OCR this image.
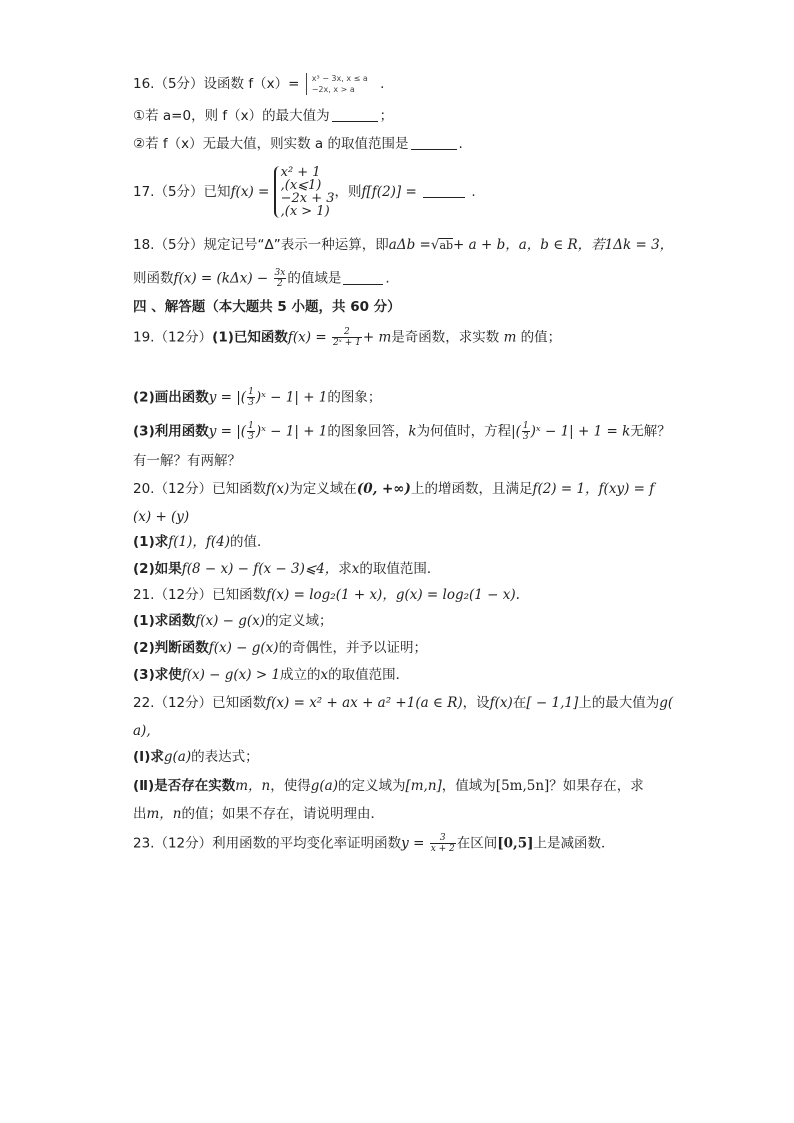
16.（5分）设函数 f（x）= x³ − 3x, x ≤ a
−2x, x > a	.
①若 a=0，则 f（x）的最大值为	；
②若 f（x）无最大值，则实数 a 的取值范围是	.
17.（5分）已知f(x) =
x² + 1
,(x⩽1)
−2x + 3
,(x > 1)
，则f[f(2)] =	.
18.（5分）规定记号“Δ”表示一种运算，即aΔb =√ab+ a + b，a，b ∈ R，若1Δk = 3，
则函数$f(x) = (k\Delta x) - \frac{3x}{2}$ 的值域是	.
四 、解答题（本大题共 5 小题，共 60 分）
19.（12分）(1)已知函数$f(x) = \frac{2}{\text{2ˣ + 1}} + m$是奇函数，求实数 m 的值；
(2)画出函数y = |( $\frac{1}{3}$ )ˣ − 1| + 1的图象；
(3)利用函数y = |( $\frac{1}{3}$ )ˣ − 1| + 1的图象回答，k为何值时，方程|( $\frac{1}{3}$ )ˣ − 1| + 1 = k无解？
有一解？有两解？
20.（12分）已知函数f(x)为定义域在(0, +∞)上的增函数，且满足f(2) = 1，f(xy) = f
(x) + (y)
(1)求f(1)，f(4)的值．
(2)如果f(8 − x) − f(x − 3)⩽4，求x的取值范围．
21.（12分）已知函数f(x) = log₂(1 + x)，g(x) = log₂(1 − x).
(1)求函数f(x) − g(x)的定义域；
(2)判断函数f(x) − g(x)的奇偶性，并予以证明；
(3)求使f(x) − g(x) > 1成立的x的取值范围．
22.（12分）已知函数f(x) = x² + ax + a² +1(a ∈ R)，设f(x)在[ − 1,1]上的最大值为g(
a),
(Ⅰ)求g(a)的表达式；
(Ⅱ)是否存在实数m，n，使得g(a)的定义域为[m,n]，值域为[5m,5n]？如果存在，求
出m，n的值；如果不存在，请说明理由．
23.（12分）利用函数的平均变化率证明函数$y = \frac{3}{x + 2}$ 在区间[0,5]上是减函数．
